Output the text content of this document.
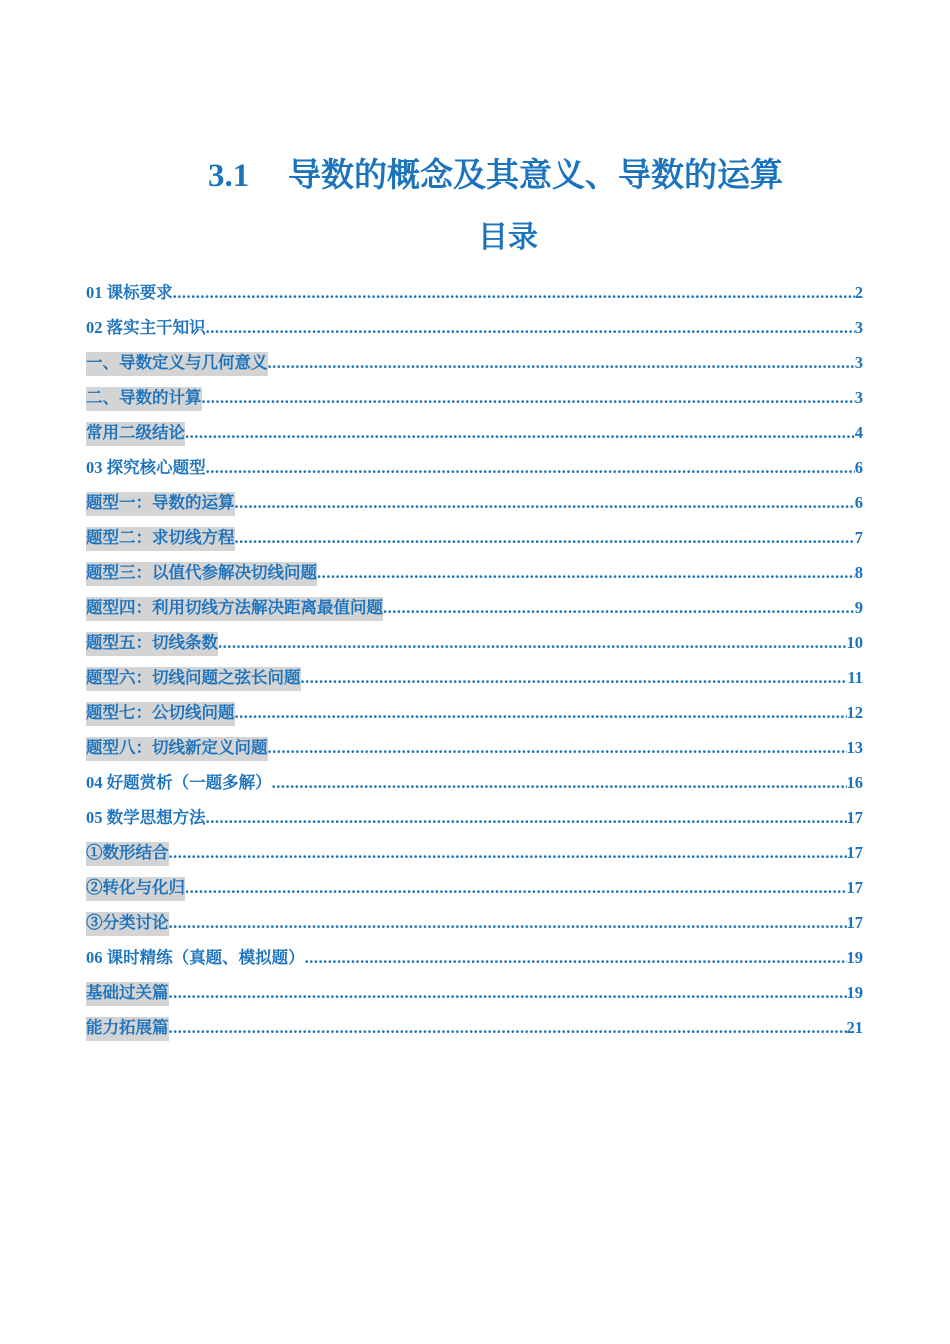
3.1 导数的概念及其意义、导数的运算
目录
01 课标要求 .....	2
02 落实主干知识 .....	3
一、导数定义与几何意义 .....	3
二、导数的计算 .....	3
常用二级结论 .....	4
03 探究核心题型 .....	6
题型一：导数的运算 .....	6
题型二：求切线方程 .....	7
题型三：以值代参解决切线问题 .....	8
题型四：利用切线方法解决距离最值问题 .....	9
题型五：切线条数 .....	10
题型六：切线问题之弦长问题 .....	11
题型七：公切线问题 .....	12
题型八：切线新定义问题 .....	13
04 好题赏析（一题多解） .....	16
05 数学思想方法 .....	17
①数形结合 .....	17
②转化与化归 .....	17
③分类讨论 .....	17
06 课时精练（真题、模拟题） .....	19
基础过关篇 .....	19
能力拓展篇 .....	21
